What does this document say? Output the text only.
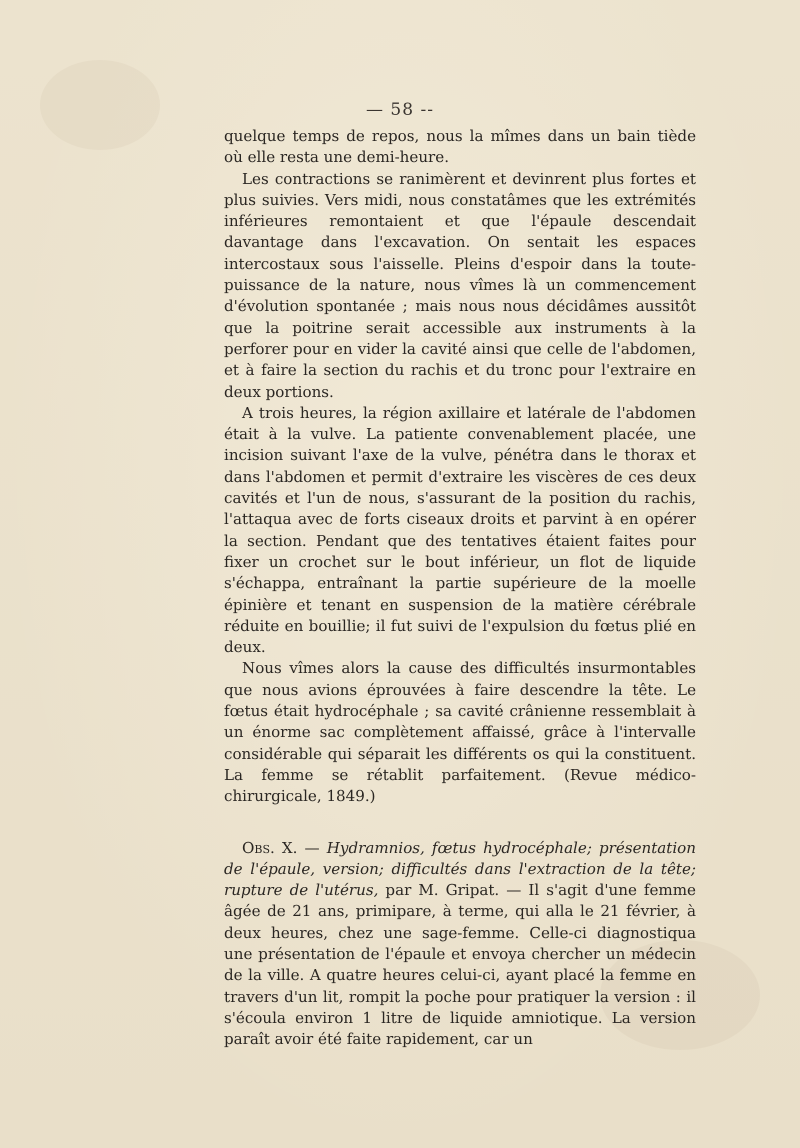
— 58 --

quelque temps de repos, nous la mîmes dans un bain tiède où elle resta une demi-heure.

Les contractions se ranimèrent et devinrent plus fortes et plus suivies. Vers midi, nous constatâmes que les extrémités inférieures remontaient et que l'épaule descendait davantage dans l'excavation. On sentait les espaces intercostaux sous l'aisselle. Pleins d'espoir dans la toute-puissance de la nature, nous vîmes là un commencement d'évolution spontanée ; mais nous nous décidâmes aussitôt que la poitrine serait accessible aux instruments à la perforer pour en vider la cavité ainsi que celle de l'abdomen, et à faire la section du rachis et du tronc pour l'extraire en deux portions.

A trois heures, la région axillaire et latérale de l'abdomen était à la vulve. La patiente convenablement placée, une incision suivant l'axe de la vulve, pénétra dans le thorax et dans l'abdomen et permit d'extraire les viscères de ces deux cavités et l'un de nous, s'assurant de la position du rachis, l'attaqua avec de forts ciseaux droits et parvint à en opérer la section. Pendant que des tentatives étaient faites pour fixer un crochet sur le bout inférieur, un flot de liquide s'échappa, entraînant la partie supérieure de la moelle épinière et tenant en suspension de la matière cérébrale réduite en bouillie; il fut suivi de l'expulsion du fœtus plié en deux.

Nous vîmes alors la cause des difficultés insurmontables que nous avions éprouvées à faire descendre la tête. Le fœtus était hydrocéphale ; sa cavité crânienne ressemblait à un énorme sac complètement affaissé, grâce à l'intervalle considérable qui séparait les différents os qui la constituent. La femme se rétablit parfaitement. (Revue médico-chirurgicale, 1849.)

Obs. X. — Hydramnios, fœtus hydrocéphale; présentation de l'épaule, version; difficultés dans l'extraction de la tête; rupture de l'utérus, par M. Gripat. — Il s'agit d'une femme âgée de 21 ans, primipare, à terme, qui alla le 21 février, à deux heures, chez une sage-femme. Celle-ci diagnostiqua une présentation de l'épaule et envoya chercher un médecin de la ville. A quatre heures celui-ci, ayant placé la femme en travers d'un lit, rompit la poche pour pratiquer la version : il s'écoula environ 1 litre de liquide amniotique. La version paraît avoir été faite rapidement, car un
